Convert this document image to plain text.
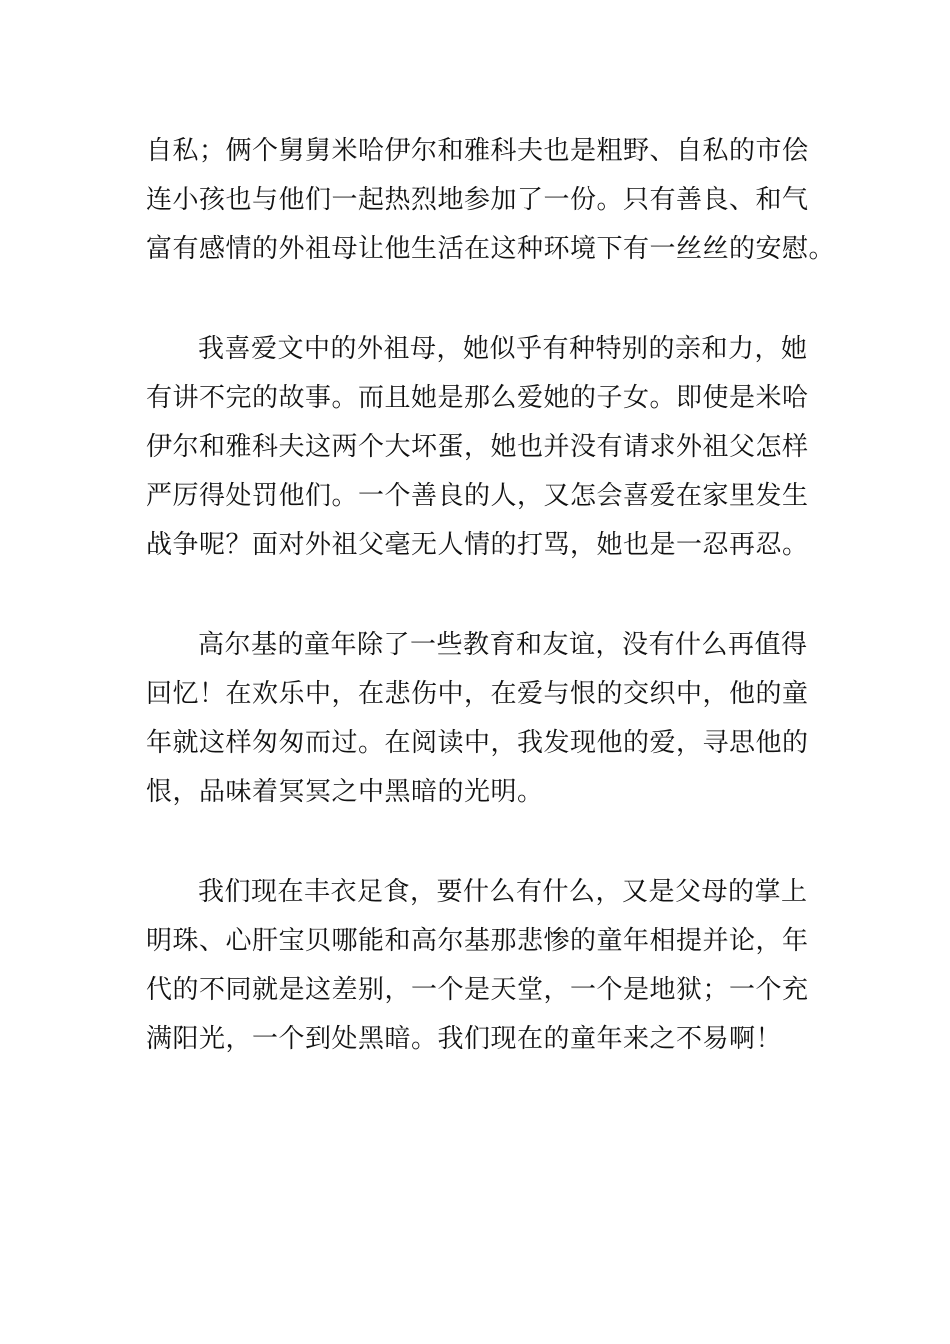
自私；俩个舅舅米哈伊尔和雅科夫也是粗野、自私的市侩

连小孩也与他们一起热烈地参加了一份。只有善良、和气

富有感情的外祖母让他生活在这种环境下有一丝丝的安慰。

我喜爱文中的外祖母，她似乎有种特别的亲和力，她

有讲不完的故事。而且她是那么爱她的子女。即使是米哈

伊尔和雅科夫这两个大坏蛋，她也并没有请求外祖父怎样

严厉得处罚他们。一个善良的人，又怎会喜爱在家里发生

战争呢？面对外祖父毫无人情的打骂，她也是一忍再忍。

高尔基的童年除了一些教育和友谊，没有什么再值得

回忆！在欢乐中，在悲伤中，在爱与恨的交织中，他的童

年就这样匆匆而过。在阅读中，我发现他的爱，寻思他的

恨，品味着冥冥之中黑暗的光明。

我们现在丰衣足食，要什么有什么，又是父母的掌上

明珠、心肝宝贝哪能和高尔基那悲惨的童年相提并论，年

代的不同就是这差别，一个是天堂，一个是地狱；一个充

满阳光，一个到处黑暗。我们现在的童年来之不易啊！
